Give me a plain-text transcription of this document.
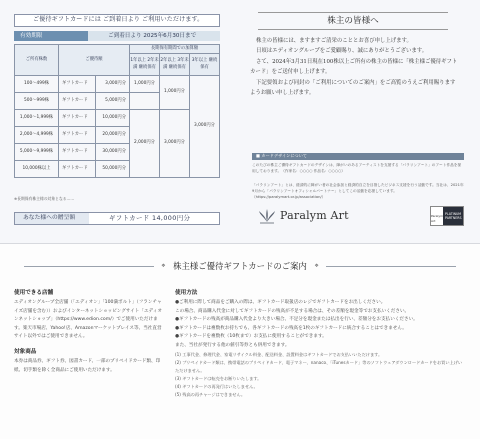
ご優待ギフトカードには ご到着日より ご利用いただけます。
有効期限	ご到着日より 2025年6月30日まで
ご所有株数	ご優待額		長期保有期間での加算額		
			1年以上 2年未満 継続保有	2年以上 3年未満 継続保有	3年以上 継続保有
100～499株	ギフトカード	3,000円分	1,000円分	1,000円分	3,000円分
500～999株	ギフトカード	5,000円分			
1,000～1,999株	ギフトカード	10,000円分	2,000円分	3,000円分	
2,000～4,999株	ギフトカード	20,000円分			
5,000～9,999株	ギフトカード	30,000円分			
10,000株以上	ギフトカード	50,000円分			
※長期保有株主様の対象となる……
あなた様への贈呈額	ギフトカード 14,000円分
株主の皆様へ

株主の皆様には、ますますご清栄のこととお喜び申し上げます。

日頃はエディオングループをご愛顧賜り、誠にありがとうございます。

さて、2024年3月31日現在100株以上ご所有の株主の皆様に「株主様ご優待ギフトカード」をご送付申し上げます。

下記要領および同封の「ご利用についてのご案内」をご高覧のうえご利用賜りますようお願い申し上げます。

■ カードデザインについて
このたびの株主ご優待ギフトカードのデザインは、障がいのあるアーティストを支援する「パラリンアート」のアート作品を採用しております。（作家名：○○○○ 作品名：○○○○）
「パラリンアート」とは、経済的に障がい者の社会参加と経済的自立を目指したビジネス支援を行う活動です。当社は、2021年9月から「パラリンアートオフィシャルパートナー」としてこの活動を応援しています。（https://paralymart.or.jp/association/）
Paralym Art	Paralym Art
PLATINUM
PARTNERS
❖ 株主様ご優待ギフトカードのご案内 ❖
使用できる店舗

エディオングループ全店舗（「エディオン」「100満ボルト」（フランチャイズ店舗を含む））およびインターネットショッピングサイト「エディオンネットショップ」（https://www.edion.com/）でご使用いただけます。楽天市場店、Yahoo!店、Amazonマーケットプレイス等、当社直営サイト以外ではご使用できません。

対象商品

本券は商品券、ギフト券、図書カード、一部のプリペイドカード類、印紙、切手類を除く全商品にご使用いただけます。

使用方法
●ご利用に際して商品をご購入の際は、ギフトカード取扱店のレジでギフトカードをお出しください。
この場合、商品購入代金に対してギフトカードの残高が不足する場合は、その差額を現金等でお支払いください。
●ギフトカードの残高が商品購入代金より大きい場合、不足分を現金または払出を行い、差額分をお支払いください。
●ギフトカードは複数枚お持ちでも、各ギフトカードの残高を1枚のギフトカードに統合することはできません。
●ギフトカードを複数枚（10枚まで）お支払に使用することができます。
また、当社が発行する他の値引等券とも併用できます。
(1) 工事代金、修理代金、家電リサイクル料金、配送料金、設置料金はギフトカードでお支払いいただけます。
(2) プリペイドカード類は、携帯電話のプリペイドカード、電子マネー、nanaco、「iTunesカード」等のソフトウェアダウンロードカードをお買い上げいただけません。
(3) ギフトカードは転売をお断りいたします。
(4) ギフトカードの再発行はいたしません。
(5) 残高の再チャージはできません。
